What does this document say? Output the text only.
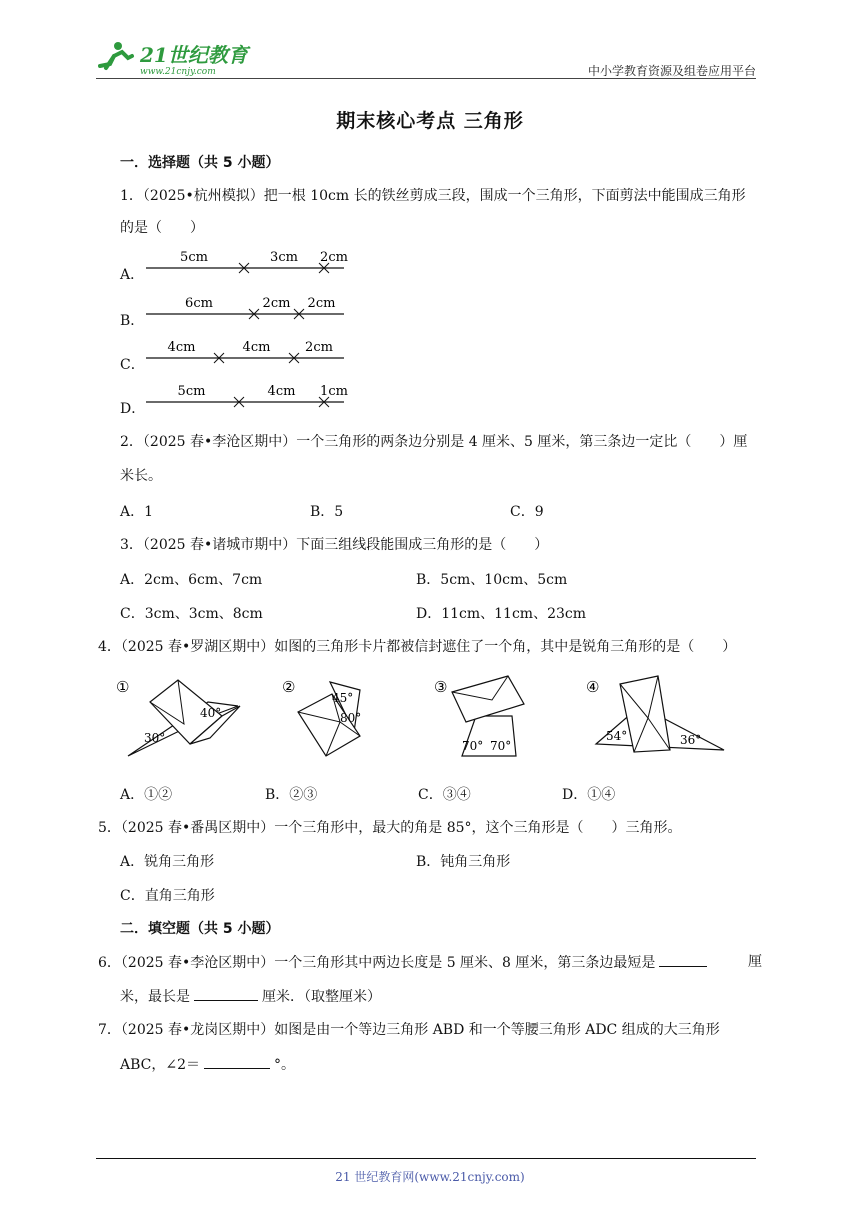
21世纪教育
www.21cnjy.com	中小学教育资源及组卷应用平台
期末核心考点 三角形
一．选择题（共 5 小题）
1．（2025•杭州模拟）把一根 10cm 长的铁丝剪成三段，围成一个三角形，下面剪法中能围成三角形
的是（　　）
A．
5cm	3cm 2cm
B．
6cm	2cm 2cm
C．
4cm	4cm	2cm
D．
5cm	4cm 1cm
2．（2025 春•李沧区期中）一个三角形的两条边分别是 4 厘米、5 厘米，第三条边一定比（　　）厘
米长。
A．1	B．5	C．9
3．（2025 春•诸城市期中）下面三组线段能围成三角形的是（　　）
A．2cm、6cm、7cm	B．5cm、10cm、5cm
C．3cm、3cm、8cm	D．11cm、11cm、23cm
4．（2025 春•罗湖区期中）如图的三角形卡片都被信封遮住了一个角，其中是锐角三角形的是（　　）
①
40°
30°
②
45°
80°
③
70° 70°
④
54°	36°
A．①②	B．②③	C．③④	D．①④
5．（2025 春•番禺区期中）一个三角形中，最大的角是 85°，这个三角形是（　　）三角形。
A．锐角三角形	B．钝角三角形
C．直角三角形
二．填空题（共 5 小题）
6．（2025 春•李沧区期中）一个三角形其中两边长度是 5 厘米、8 厘米，第三条边最短是	厘
米，最长是	厘米．（取整厘米）
7．（2025 春•龙岗区期中）如图是由一个等边三角形 ABD 和一个等腰三角形 ADC 组成的大三角形
ABC，∠2＝	°。
21 世纪教育网(www.21cnjy.com)
